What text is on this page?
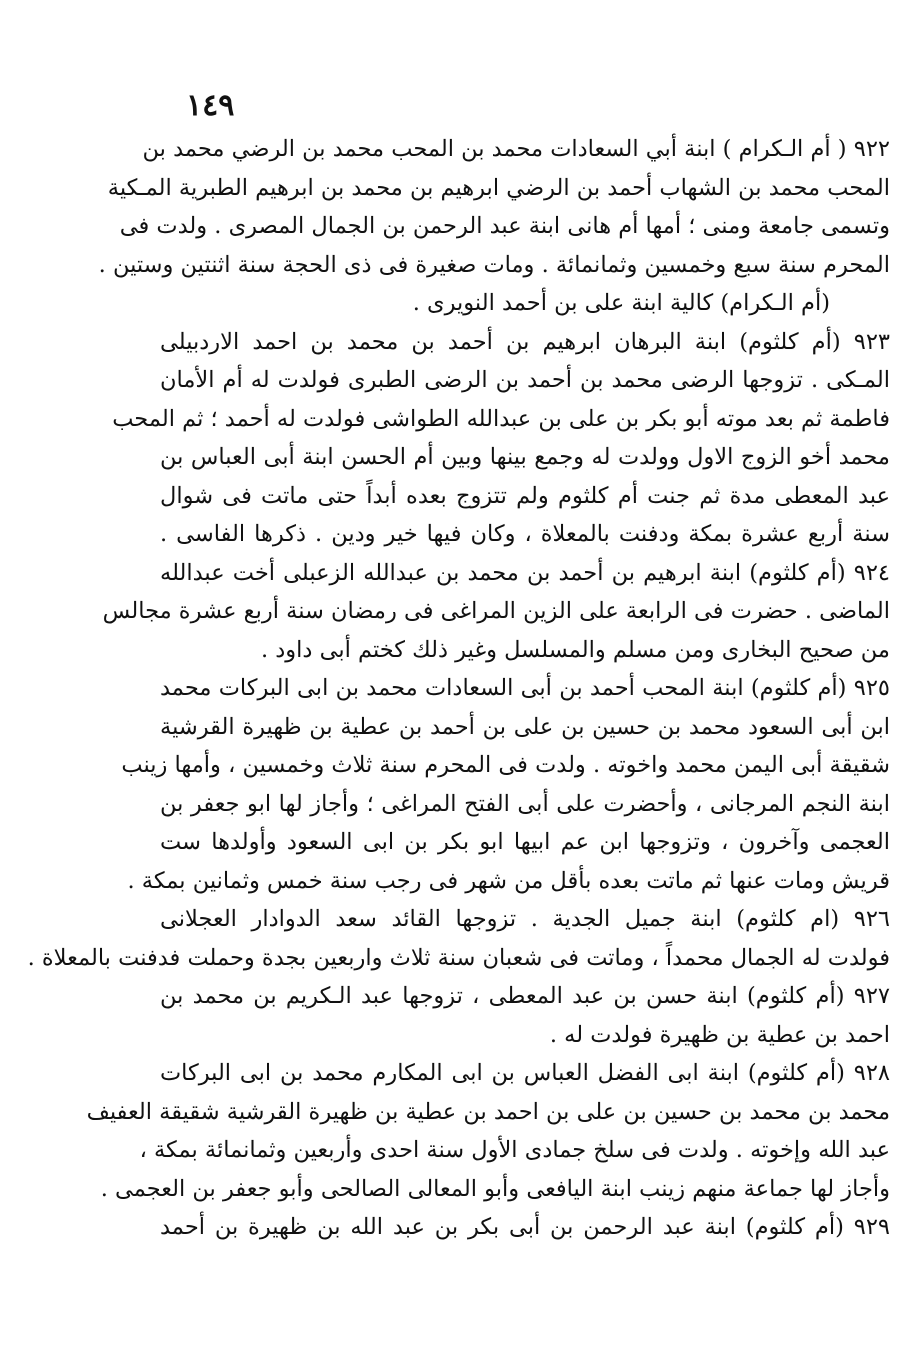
١٤٩
٩٢٢ ( أم الـكرام ) ابنة أبي السعادات محمد بن المحب محمد بن الرضي محمد بن
المحب محمد بن الشهاب أحمد بن الرضي ابرهيم بن محمد بن ابرهيم الطبرية المـكية
وتسمى جامعة ومنى ؛ أمها أم هانى ابنة عبد الرحمن بن الجمال المصرى . ولدت فى
المحرم سنة سبع وخمسين وثمانمائة . ومات صغيرة فى ذى الحجة سنة اثنتين وستين .
(أم الـكرام) كالية ابنة على بن أحمد النويرى .
٩٢٣ (أم كلثوم) ابنة البرهان ابرهيم بن أحمد بن محمد بن احمد الاردبيلى
المـكى . تزوجها الرضى محمد بن أحمد بن الرضى الطبرى فولدت له أم الأمان
فاطمة ثم بعد موته أبو بكر بن على بن عبدالله الطواشى فولدت له أحمد ؛ ثم المحب
محمد أخو الزوج الاول وولدت له وجمع بينها وبين أم الحسن ابنة أبى العباس بن
عبد المعطى مدة ثم جنت أم كلثوم ولم تتزوج بعده أبداً حتى ماتت فى شوال
سنة أربع عشرة بمكة ودفنت بالمعلاة ، وكان فيها خير ودين . ذكرها الفاسى .
٩٢٤ (أم كلثوم) ابنة ابرهيم بن أحمد بن محمد بن عبدالله الزعبلى أخت عبدالله
الماضى . حضرت فى الرابعة على الزين المراغى فى رمضان سنة أربع عشرة مجالس
من صحيح البخارى ومن مسلم والمسلسل وغير ذلك كختم أبى داود .
٩٢٥ (أم كلثوم) ابنة المحب أحمد بن أبى السعادات محمد بن ابى البركات محمد
ابن أبى السعود محمد بن حسين بن على بن أحمد بن عطية بن ظهيرة القرشية
شقيقة أبى اليمن محمد واخوته . ولدت فى المحرم سنة ثلاث وخمسين ، وأمها زينب
ابنة النجم المرجانى ، وأحضرت على أبى الفتح المراغى ؛ وأجاز لها ابو جعفر بن
العجمى وآخرون ، وتزوجها ابن عم ابيها ابو بكر بن ابى السعود وأولدها ست
قريش ومات عنها ثم ماتت بعده بأقل من شهر فى رجب سنة خمس وثمانين بمكة .
٩٢٦ (ام كلثوم) ابنة جميل الجدية . تزوجها القائد سعد الدوادار العجلانى
فولدت له الجمال محمداً ، وماتت فى شعبان سنة ثلاث واربعين بجدة وحملت فدفنت بالمعلاة .
٩٢٧ (أم كلثوم) ابنة حسن بن عبد المعطى ، تزوجها عبد الـكريم بن محمد بن
احمد بن عطية بن ظهيرة فولدت له .
٩٢٨ (أم كلثوم) ابنة ابى الفضل العباس بن ابى المكارم محمد بن ابى البركات
محمد بن محمد بن حسين بن على بن احمد بن عطية بن ظهيرة القرشية شقيقة العفيف
عبد الله وإخوته . ولدت فى سلخ جمادى الأول سنة احدى وأربعين وثمانمائة بمكة ،
وأجاز لها جماعة منهم زينب ابنة اليافعى وأبو المعالى الصالحى وأبو جعفر بن العجمى .
٩٢٩ (أم كلثوم) ابنة عبد الرحمن بن أبى بكر بن عبد الله بن ظهيرة بن أحمد
